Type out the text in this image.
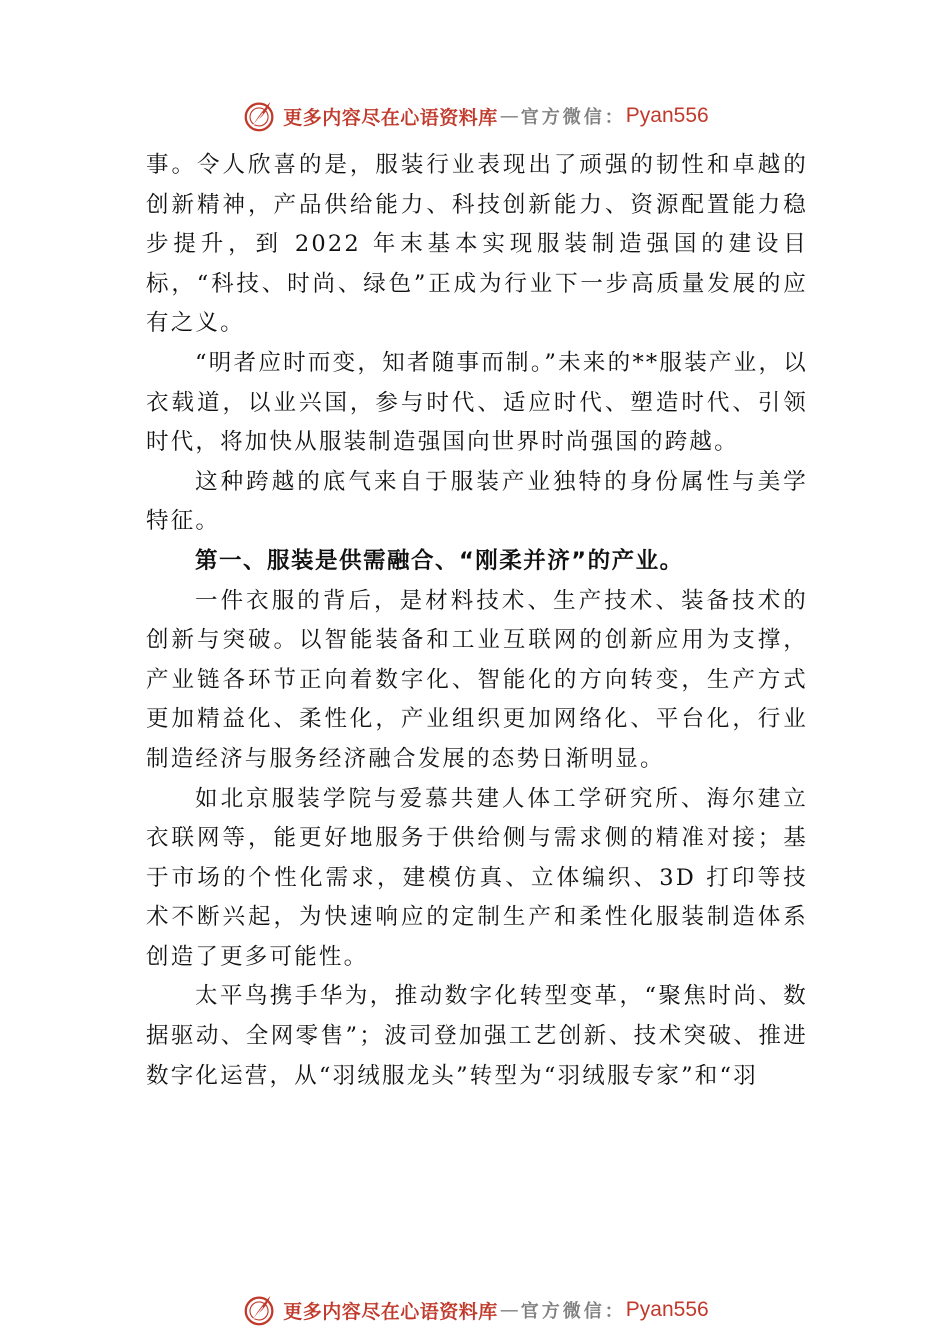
更多内容尽在心语资料库 — 官方微信： Pyan556

事。令人欣喜的是，服装行业表现出了顽强的韧性和卓越的创新精神，产品供给能力、科技创新能力、资源配置能力稳步提升，到 2022 年末基本实现服装制造强国的建设目标，“科技、时尚、绿色”正成为行业下一步高质量发展的应有之义。

“明者应时而变，知者随事而制。”未来的**服装产业，以衣载道，以业兴国，参与时代、适应时代、塑造时代、引领时代，将加快从服装制造强国向世界时尚强国的跨越。

这种跨越的底气来自于服装产业独特的身份属性与美学特征。

第一、服装是供需融合、“刚柔并济”的产业。

一件衣服的背后，是材料技术、生产技术、装备技术的创新与突破。以智能装备和工业互联网的创新应用为支撑， 产业链各环节正向着数字化、智能化的方向转变，生产方式更加精益化、柔性化，产业组织更加网络化、平台化，行业制造经济与服务经济融合发展的态势日渐明显。

如北京服装学院与爱慕共建人体工学研究所、海尔建立衣联网等，能更好地服务于供给侧与需求侧的精准对接；基于市场的个性化需求，建模仿真、立体编织、3D 打印等技术不断兴起，为快速响应的定制生产和柔性化服装制造体系创造了更多可能性。

太平鸟携手华为，推动数字化转型变革，“聚焦时尚、数据驱动、全网零售”；波司登加强工艺创新、技术突破、推进数字化运营，从“羽绒服龙头”转型为“羽绒服专家”和“羽

更多内容尽在心语资料库 — 官方微信： Pyan556
